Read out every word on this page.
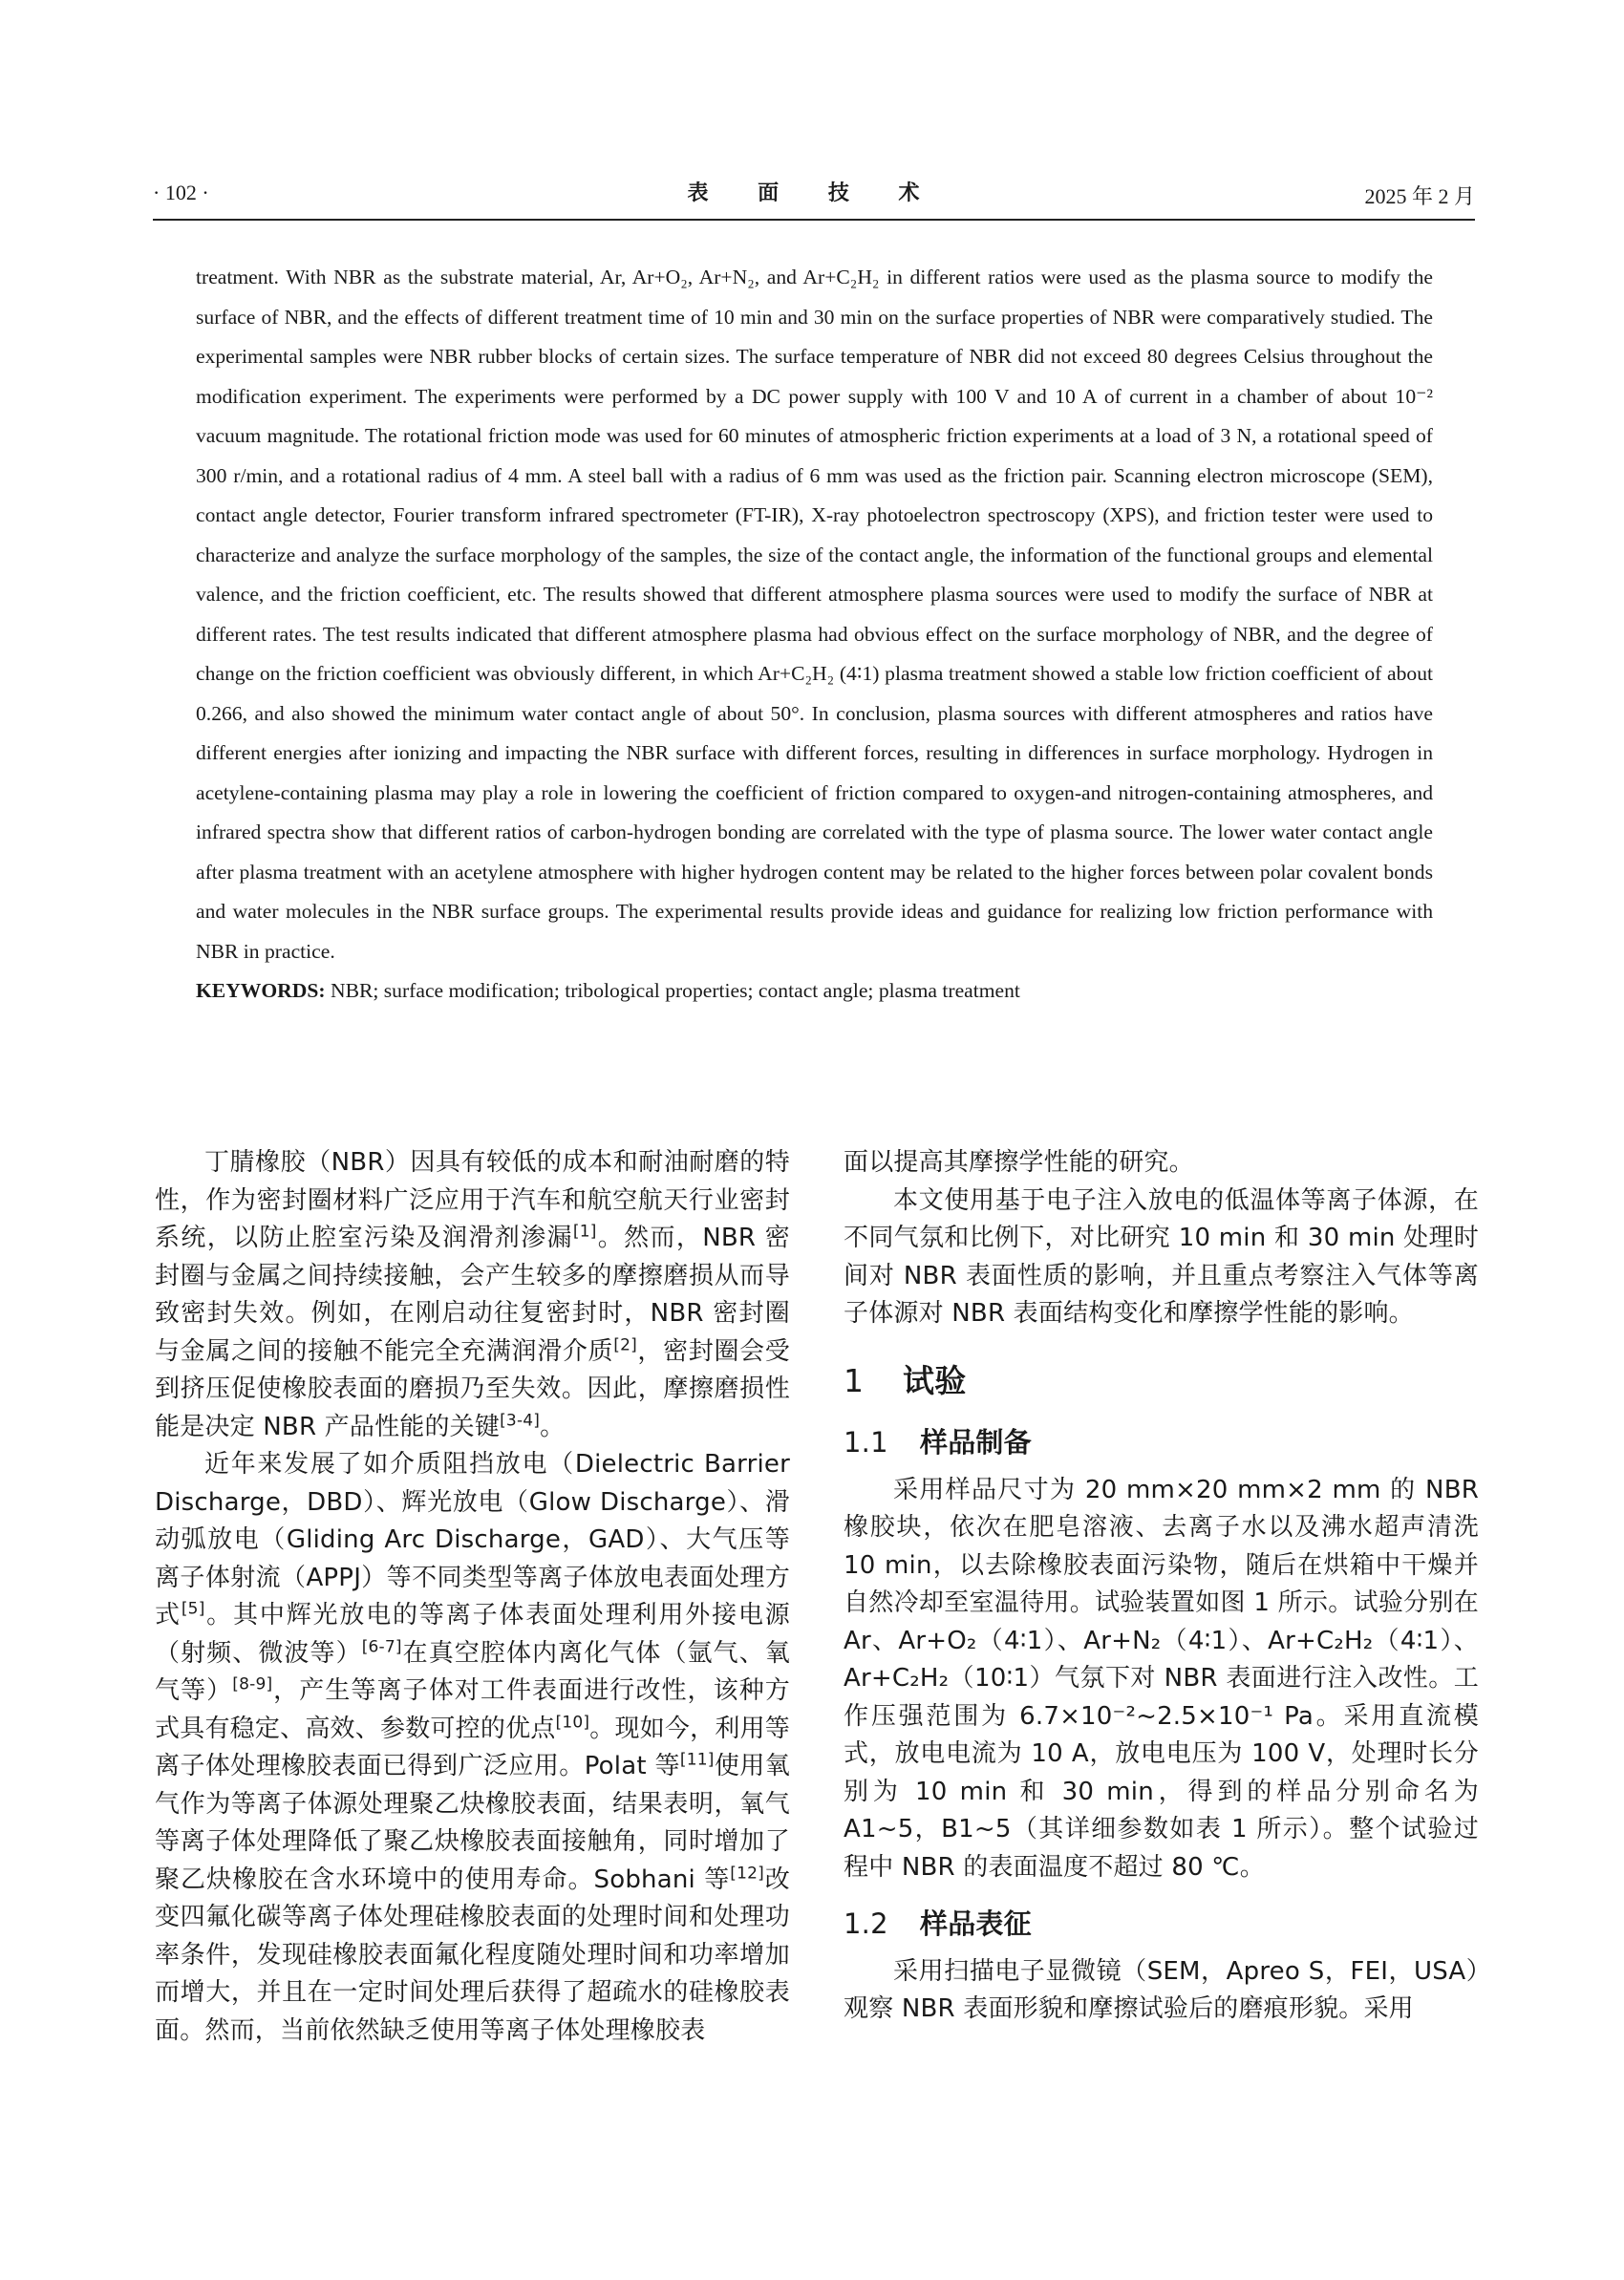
· 102 ·	表 面 技 术	2025 年 2 月

treatment. With NBR as the substrate material, Ar, Ar+O₂, Ar+N₂, and Ar+C₂H₂ in different ratios were used as the plasma source to modify the surface of NBR, and the effects of different treatment time of 10 min and 30 min on the surface properties of NBR were comparatively studied. The experimental samples were NBR rubber blocks of certain sizes. The surface temperature of NBR did not exceed 80 degrees Celsius throughout the modification experiment. The experiments were performed by a DC power supply with 100 V and 10 A of current in a chamber of about 10⁻² vacuum magnitude. The rotational friction mode was used for 60 minutes of atmospheric friction experiments at a load of 3 N, a rotational speed of 300 r/min, and a rotational radius of 4 mm. A steel ball with a radius of 6 mm was used as the friction pair. Scanning electron microscope (SEM), contact angle detector, Fourier transform infrared spectrometer (FT-IR), X-ray photoelectron spectroscopy (XPS), and friction tester were used to characterize and analyze the surface morphology of the samples, the size of the contact angle, the information of the functional groups and elemental valence, and the friction coefficient, etc. The results showed that different atmosphere plasma sources were used to modify the surface of NBR at different rates. The test results indicated that different atmosphere plasma had obvious effect on the surface morphology of NBR, and the degree of change on the friction coefficient was obviously different, in which Ar+C₂H₂ (4∶1) plasma treatment showed a stable low friction coefficient of about 0.266, and also showed the minimum water contact angle of about 50°. In conclusion, plasma sources with different atmospheres and ratios have different energies after ionizing and impacting the NBR surface with different forces, resulting in differences in surface morphology. Hydrogen in acetylene-containing plasma may play a role in lowering the coefficient of friction compared to oxygen-and nitrogen-containing atmospheres, and infrared spectra show that different ratios of carbon-hydrogen bonding are correlated with the type of plasma source. The lower water contact angle after plasma treatment with an acetylene atmosphere with higher hydrogen content may be related to the higher forces between polar covalent bonds and water molecules in the NBR surface groups. The experimental results provide ideas and guidance for realizing low friction performance with NBR in practice.

KEYWORDS: NBR; surface modification; tribological properties; contact angle; plasma treatment

丁腈橡胶（NBR）因具有较低的成本和耐油耐磨的特性，作为密封圈材料广泛应用于汽车和航空航天行业密封系统，以防止腔室污染及润滑剂渗漏[1]。然而，NBR 密封圈与金属之间持续接触，会产生较多的摩擦磨损从而导致密封失效。例如，在刚启动往复密封时，NBR 密封圈与金属之间的接触不能完全充满润滑介质[2]，密封圈会受到挤压促使橡胶表面的磨损乃至失效。因此，摩擦磨损性能是决定 NBR 产品性能的关键[3-4]。

近年来发展了如介质阻挡放电（Dielectric Barrier Discharge，DBD）、辉光放电（Glow Discharge）、滑动弧放电（Gliding Arc Discharge，GAD）、大气压等离子体射流（APPJ）等不同类型等离子体放电表面处理方式[5]。其中辉光放电的等离子体表面处理利用外接电源（射频、微波等）[6-7]在真空腔体内离化气体（氩气、氧气等）[8-9]，产生等离子体对工件表面进行改性，该种方式具有稳定、高效、参数可控的优点[10]。现如今，利用等离子体处理橡胶表面已得到广泛应用。Polat 等[11]使用氧气作为等离子体源处理聚乙炔橡胶表面，结果表明，氧气等离子体处理降低了聚乙炔橡胶表面接触角，同时增加了聚乙炔橡胶在含水环境中的使用寿命。Sobhani 等[12]改变四氟化碳等离子体处理硅橡胶表面的处理时间和处理功率条件，发现硅橡胶表面氟化程度随处理时间和功率增加而增大，并且在一定时间处理后获得了超疏水的硅橡胶表面。然而，当前依然缺乏使用等离子体处理橡胶表

面以提高其摩擦学性能的研究。

本文使用基于电子注入放电的低温体等离子体源，在不同气氛和比例下，对比研究 10 min 和 30 min 处理时间对 NBR 表面性质的影响，并且重点考察注入气体等离子体源对 NBR 表面结构变化和摩擦学性能的影响。

1 试验
1.1 样品制备

采用样品尺寸为 20 mm×20 mm×2 mm 的 NBR 橡胶块，依次在肥皂溶液、去离子水以及沸水超声清洗 10 min，以去除橡胶表面污染物，随后在烘箱中干燥并自然冷却至室温待用。试验装置如图 1 所示。试验分别在 Ar、Ar+O₂（4∶1）、Ar+N₂（4∶1）、Ar+C₂H₂（4∶1）、Ar+C₂H₂（10∶1）气氛下对 NBR 表面进行注入改性。工作压强范围为 6.7×10⁻²~2.5×10⁻¹ Pa。采用直流模式，放电电流为 10 A，放电电压为 100 V，处理时长分别为 10 min 和 30 min，得到的样品分别命名为 A1~5，B1~5（其详细参数如表 1 所示）。整个试验过程中 NBR 的表面温度不超过 80 ℃。

1.2 样品表征

采用扫描电子显微镜（SEM，Apreo S，FEI，USA）观察 NBR 表面形貌和摩擦试验后的磨痕形貌。采用
